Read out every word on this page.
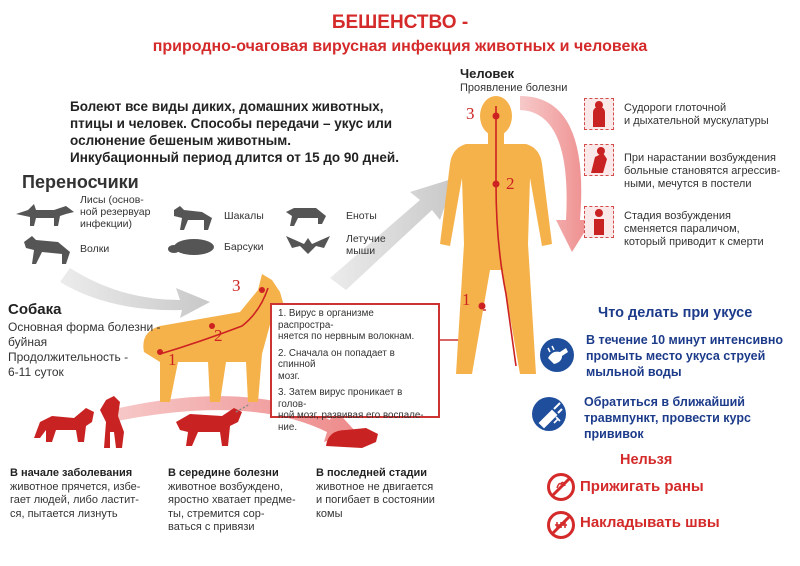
БЕШЕНСТВО -
природно-очаговая вирусная инфекция животных и человека
Болеют все виды диких, домашних животных,
птицы и человек. Способы передачи – укус или
ослюнение бешеным животным.
Инкубационный период длится от 15 до 90 дней.
Переносчики
Лисы (основ-
ной резервуар
инфекции)
Волки
Шакалы
Барсуки
Еноты
Летучие
мыши
1
2
3
Собака
Основная форма болезни -
буйная
Продолжительность -
6-11 суток
1. Вирус в организме распростра-
няется по нервным волокнам.
2. Сначала он попадает в спинной
мозг.
3. Затем вирус проникает в голов-
ной мозг, развивая его воспале-
ние.
В начале заболевания
животное прячется, избе-
гает людей, либо ластит-
ся, пытается лизнуть
В середине болезни
животное возбуждено,
яростно хватает предме-
ты, стремится сор-
ваться с привязи
В последней стадии
животное не двигается
и погибает в состоянии
комы
Человек
Проявление болезни
3
2
1
Судороги глоточной
и дыхательной мускулатуры
При нарастании возбуждения
больные становятся агрессив-
ными, мечутся в постели
Стадия возбуждения
сменяется параличом,
который приводит к смерти
Что делать при укусе
В течение 10 минут интенсивно
промыть место укуса струей
мыльной воды
Обратиться в ближайший
травмпункт, провести курс
прививок
Нельзя
Прижигать раны
Накладывать швы
